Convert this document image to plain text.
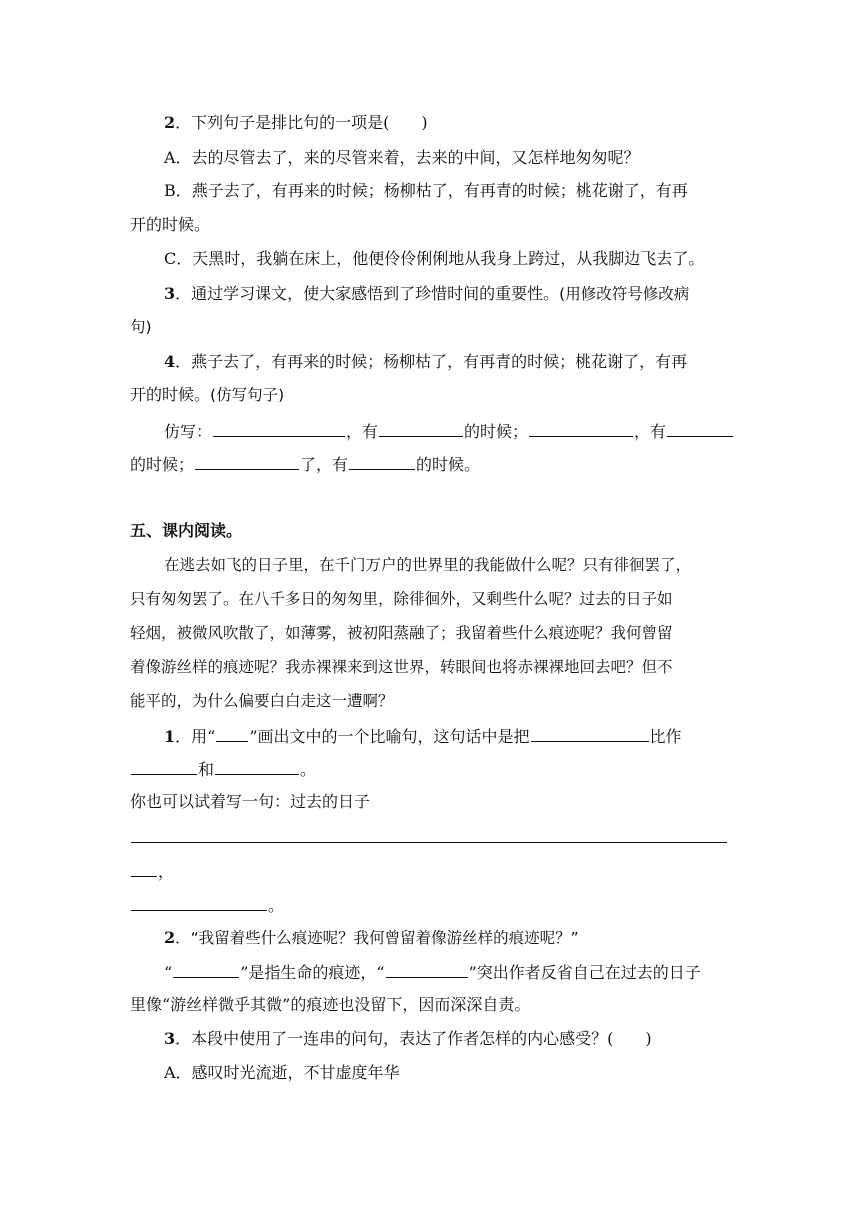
2．下列句子是排比句的一项是(　　)
A．去的尽管去了，来的尽管来着，去来的中间，又怎样地匆匆呢？
B．燕子去了，有再来的时候；杨柳枯了，有再青的时候；桃花谢了，有再
开的时候。
C．天黑时，我躺在床上，他便伶伶俐俐地从我身上跨过，从我脚边飞去了。
3．通过学习课文，使大家感悟到了珍惜时间的重要性。(用修改符号修改病
句)
4．燕子去了，有再来的时候；杨柳枯了，有再青的时候；桃花谢了，有再
开的时候。(仿写句子)
仿写：	，有	的时候；	，有
的时候；	了，有	的时候。
五、课内阅读。
在逃去如飞的日子里，在千门万户的世界里的我能做什么呢？只有徘徊罢了，
只有匆匆罢了。在八千多日的匆匆里，除徘徊外，又剩些什么呢？过去的日子如
轻烟，被微风吹散了，如薄雾，被初阳蒸融了；我留着些什么痕迹呢？我何曾留
着像游丝样的痕迹呢？我赤裸裸来到这世界，转眼间也将赤裸裸地回去吧？但不
能平的，为什么偏要白白走这一遭啊？
1．用“ ”画出文中的一个比喻句，这句话中是把	比作
和	。
你也可以试着写一句：过去的日子
，
。
2．“我留着些什么痕迹呢？我何曾留着像游丝样的痕迹呢？”
“	”是指生命的痕迹，“	”突出作者反省自己在过去的日子
里像“游丝样微乎其微”的痕迹也没留下，因而深深自责。
3．本段中使用了一连串的问句，表达了作者怎样的内心感受？(　　)
A．感叹时光流逝，不甘虚度年华
